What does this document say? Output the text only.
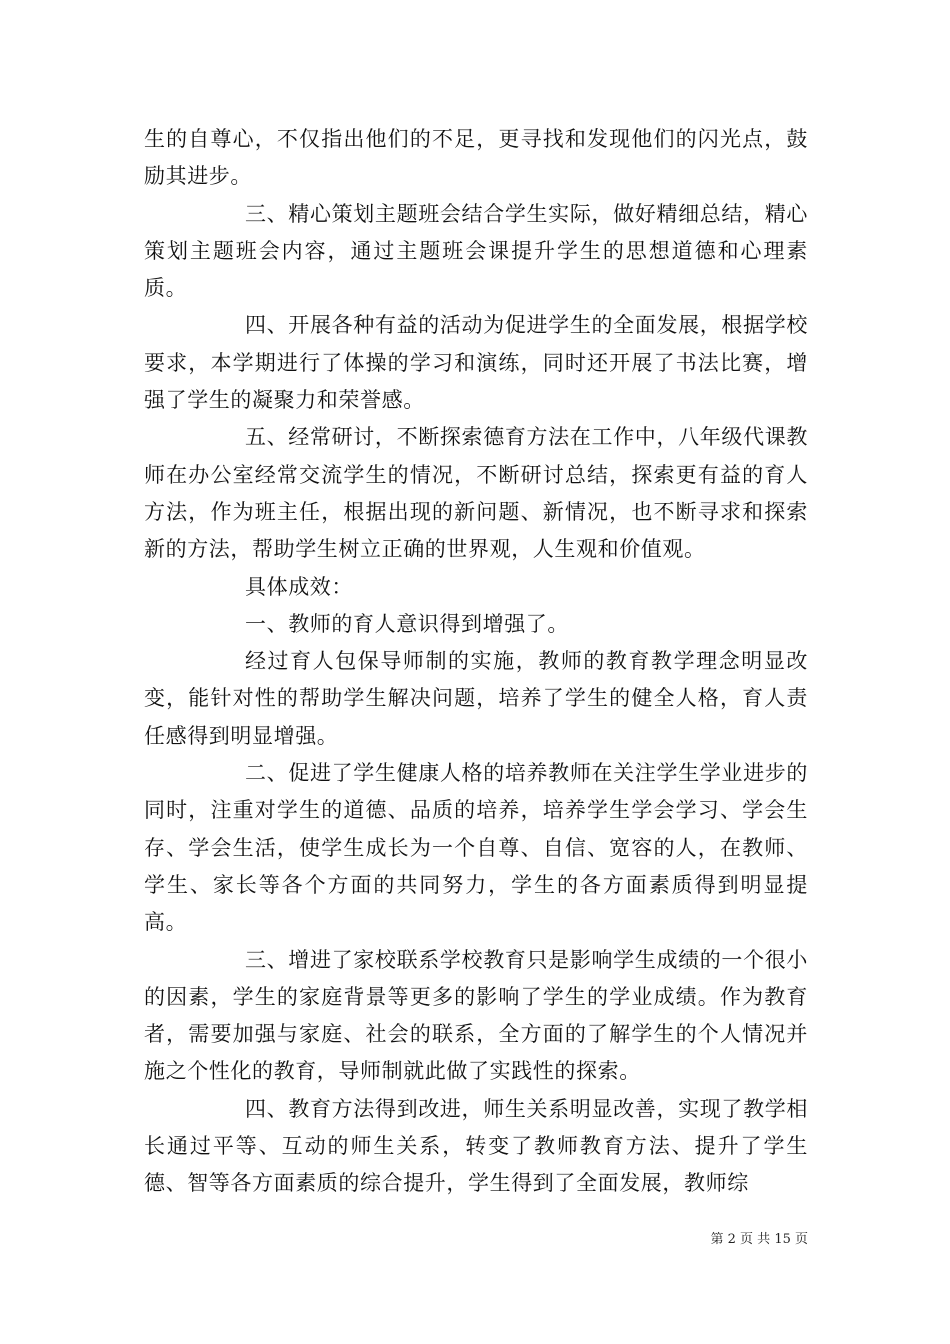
生的自尊心，不仅指出他们的不足，更寻找和发现他们的闪光点，鼓励其进步。

三、精心策划主题班会结合学生实际，做好精细总结，精心策划主题班会内容，通过主题班会课提升学生的思想道德和心理素质。

四、开展各种有益的活动为促进学生的全面发展，根据学校要求，本学期进行了体操的学习和演练，同时还开展了书法比赛，增强了学生的凝聚力和荣誉感。

五、经常研讨，不断探索德育方法在工作中，八年级代课教师在办公室经常交流学生的情况，不断研讨总结，探索更有益的育人方法，作为班主任，根据出现的新问题、新情况，也不断寻求和探索新的方法，帮助学生树立正确的世界观，人生观和价值观。

具体成效：

一、教师的育人意识得到增强了。

经过育人包保导师制的实施，教师的教育教学理念明显改变，能针对性的帮助学生解决问题，培养了学生的健全人格，育人责任感得到明显增强。

二、促进了学生健康人格的培养教师在关注学生学业进步的同时，注重对学生的道德、品质的培养，培养学生学会学习、学会生存、学会生活，使学生成长为一个自尊、自信、宽容的人，在教师、学生、家长等各个方面的共同努力，学生的各方面素质得到明显提高。

三、增进了家校联系学校教育只是影响学生成绩的一个很小的因素，学生的家庭背景等更多的影响了学生的学业成绩。作为教育者，需要加强与家庭、社会的联系，全方面的了解学生的个人情况并施之个性化的教育，导师制就此做了实践性的探索。

四、教育方法得到改进，师生关系明显改善，实现了教学相长通过平等、互动的师生关系，转变了教师教育方法、提升了学生德、智等各方面素质的综合提升，学生得到了全面发展，教师综

第 2 页 共 15 页
